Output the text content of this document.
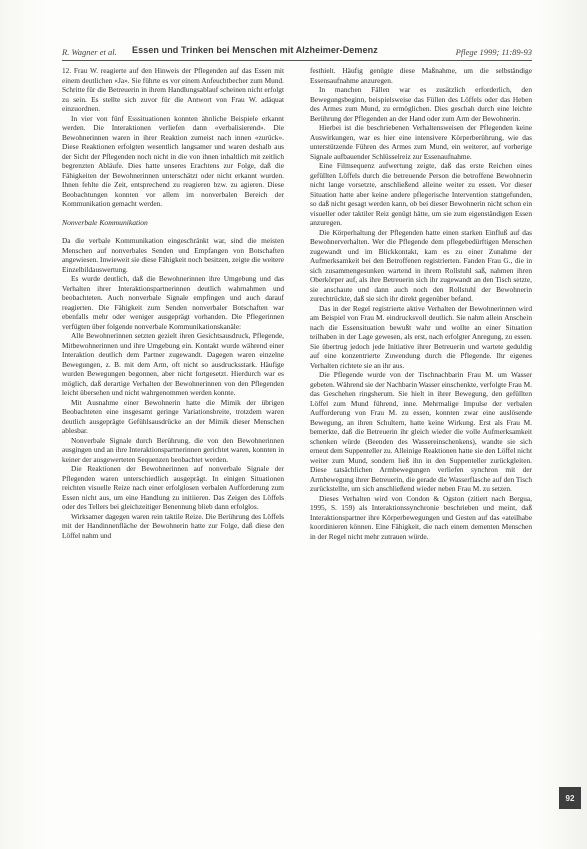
R. Wagner et al. Essen und Trinken bei Menschen mit Alzheimer-Demenz	Pflege 1999; 11:89-93

12. Frau W. reagierte auf den Hinweis der Pflegenden auf das Essen mit einem deutlichen «Ja». Sie führte es vor einem Anfeuchtbecher zum Mund. Schritte für die Betreuerin in ihrem Handlungsablauf scheinen nicht erfolgt zu sein. Es stellte sich zuvor für die Antwort von Frau W. adäquat einzuordnen.

In vier von fünf Esssituationen konnten ähnliche Beispiele erkannt werden. Die Interaktionen verliefen dann «verbalisierend». Die Bewohnerinnen waren in ihrer Reaktion zumeist nach innen «zurück». Diese Reaktionen erfolgten wesentlich langsamer und waren deshalb aus der Sicht der Pflegenden noch nicht in die von ihnen inhaltlich mit zeitlich begrenzten Abläufe. Dies hatte unseres Erachtens zur Folge, daß die Fähigkeiten der Bewohnerinnen unterschätzt oder nicht erkannt wurden. Ihnen fehlte die Zeit, entsprechend zu reagieren bzw. zu agieren. Diese Beobachtungen konnten vor allem im nonverbalen Bereich der Kommunikation gemacht werden.

Nonverbale Kommunikation

Da die verbale Kommunikation eingeschränkt war, sind die meisten Menschen auf nonverbales Senden und Empfangen von Botschaften angewiesen. Inwieweit sie diese Fähigkeit noch besitzen, zeigte die weitere Einzelbildauswertung.

Es wurde deutlich, daß die Bewohnerinnen ihre Umgebung und das Verhalten ihrer Interaktionspartnerinnen deutlich wahrnahmen und beobachteten. Auch nonverbale Signale empfingen und auch darauf reagierten. Die Fähigkeit zum Senden nonverbaler Botschaften war ebenfalls mehr oder weniger ausgeprägt vorhanden. Die Pflegerinnen verfügten über folgende nonverbale Kommunikationskanäle:

Alle Bewohnerinnen setzten gezielt ihren Gesichtsausdruck, Pflegende, Mitbewohnerinnen und ihre Umgebung ein. Kontakt wurde während einer Interaktion deutlich dem Partner zugewandt. Dagegen waren einzelne Bewegungen, z. B. mit dem Arm, oft nicht so ausdrucksstark. Häufige wurden Bewegungen begonnen, aber nicht fortgesetzt. Hierdurch war es möglich, daß derartige Verhalten der Bewohnerinnen von den Pflegenden leicht übersehen und nicht wahrgenommen werden konnte.

Mit Ausnahme einer Bewohnerin hatte die Mimik der übrigen Beobachteten eine insgesamt geringe Variationsbreite, trotzdem waren deutlich ausgeprägte Gefühlsausdrücke an der Mimik dieser Menschen ablesbar.

Nonverbale Signale durch Berührung, die von den Bewohnerinnen ausgingen und an ihre Interaktionspartnerinnen gerichtet waren, konnten in keiner der ausgewerteten Sequenzen beobachtet werden.

Die Reaktionen der Bewohnerinnen auf nonverbale Signale der Pflegenden waren unterschiedlich ausgeprägt. In einigen Situationen reichten visuelle Reize nach einer erfolglosen verbalen Aufforderung zum Essen nicht aus, um eine Handlung zu initiieren. Das Zeigen des Löffels oder des Tellers bei gleichzeitiger Benennung blieb dann erfolglos.

Wirksamer dagegen waren rein taktile Reize. Die Berührung des Löffels mit der Handinnenfläche der Bewohnerin hatte zur Folge, daß diese den Löffel nahm und

festhielt. Häufig genügte diese Maßnahme, um die selbständige Essensaufnahme anzuregen.

In manchen Fällen war es zusätzlich erforderlich, den Bewegungsbeginn, beispielsweise das Füllen des Löffels oder das Heben des Armes zum Mund, zu ermöglichen. Dies geschah durch eine leichte Berührung der Pflegenden an der Hand oder zum Arm der Bewohnerin.

Hierbei ist die beschriebenen Verhaltensweisen der Pflegenden keine Auswirkungen, war es hier eine intensivere Körperberührung, wie das unterstützende Führen des Armes zum Mund, ein weiterer, auf vorherige Signale aufbauender Schlüsselreiz zur Essenaufnahme.

Eine Filmsequenz aufwertung zeigte, daß das erste Reichen eines gefüllten Löffels durch die betreuende Person die betroffene Bewohnerin nicht lange vorsetzte, anschließend alleine weiter zu essen. Vor dieser Situation hatte aber keine andere pflegerische Intervention stattgefunden, so daß nicht gesagt werden kann, ob bei dieser Bewohnerin nicht schon ein visueller oder taktiler Reiz genügt hätte, um sie zum eigenständigen Essen anzuregen.

Die Körperhaltung der Pflegenden hatte einen starken Einfluß auf das Bewohnerverhalten. Wer die Pflegende dem pflegebedürftigen Menschen zugewandt und im Blickkontakt, kam es zu einer Zunahme der Aufmerksamkeit bei den Betroffenen registrierten. Fanden Frau G., die in sich zusammengesunken wartend in ihrem Rollstuhl saß, nahmen ihren Oberkörper auf, als ihre Betreuerin sich ihr zugewandt an den Tisch setzte, sie anschaute und dann auch noch den Rollstuhl der Bewohnerin zurechtrückte, daß sie sich ihr direkt gegenüber befand.

Das in der Regel registrierte aktive Verhalten der Bewohnerinnen wird am Beispiel von Frau M. eindrucksvoll deutlich. Sie nahm allein Anschein nach die Essensituation bewußt wahr und wollte an einer Situation teilhaben in der Lage gewesen, als erst, nach erfolgter Anregung, zu essen. Sie übertrug jedoch jede Initiative ihrer Betreuerin und wartete geduldig auf eine konzentrierte Zuwendung durch die Pflegende. Ihr eigenes Verhalten richtete sie an ihr aus.

Die Pflegende wurde von der Tischnachbarin Frau M. um Wasser gebeten. Während sie der Nachbarin Wasser einschenkte, verfolgte Frau M. das Geschehen ringsherum. Sie hielt in ihrer Bewegung, den gefüllten Löffel zum Mund führend, inne. Mehrmalige Impulse der verbalen Aufforderung von Frau M. zu essen, konnten zwar eine auslösende Bewegung, an ihren Schultern, hatte keine Wirkung. Erst als Frau M. bemerkte, daß die Betreuerin ihr gleich wieder die volle Aufmerksamkeit schenken würde (Beenden des Wassereinschenkens), wandte sie sich erneut dem Suppenteller zu. Alleinige Reaktionen hatte sie den Löffel nicht weiter zum Mund, sondern ließ ihn in den Suppenteller zurückgleiten. Diese tatsächlichen Armbewegungen verliefen synchron mit der Armbewegung ihrer Betreuerin, die gerade die Wasserflasche auf den Tisch zurückstellte, um sich anschließend wieder neben Frau M. zu setzen.

Dieses Verhalten wird von Condon & Ogston (zitiert nach Bergua, 1995, S. 159) als Interaktionssynchronie beschrieben und meint, daß Interaktionspartner ihre Körperbewegungen und Gesten auf das «ateilhabe koordinieren können. Eine Fähigkeit, die nach einem dementen Menschen in der Regel nicht mehr zutrauen würde.

92
